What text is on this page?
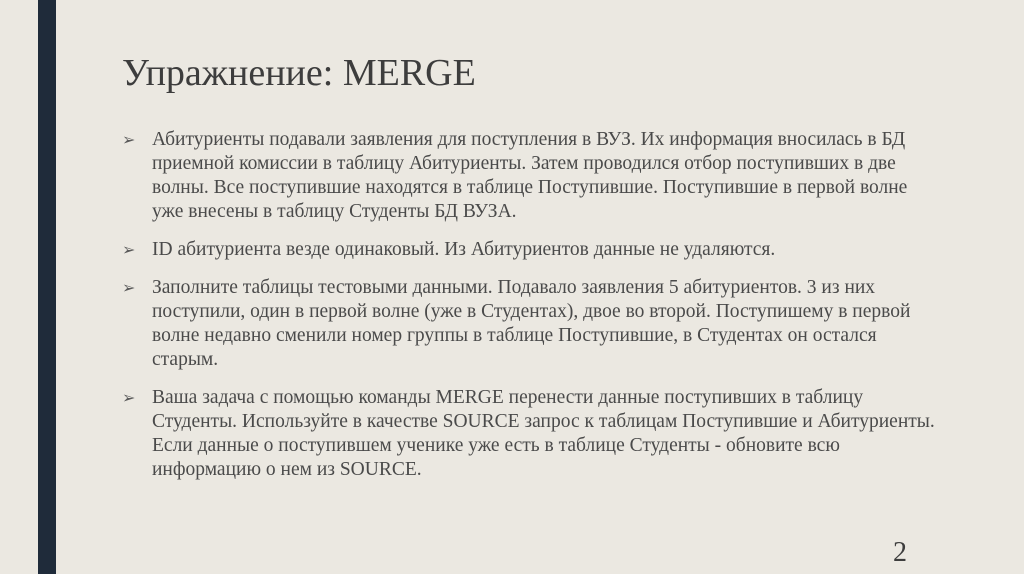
Упражнение: MERGE
➢ Абитуриенты подавали заявления для поступления в ВУЗ. Их информация вносилась в БД приемной комиссии в таблицу Абитуриенты. Затем проводился отбор поступивших в две волны. Все поступившие находятся в таблице Поступившие. Поступившие в первой волне уже внесены в таблицу Студенты БД ВУЗА.
➢ ID абитуриента везде одинаковый. Из Абитуриентов данные не удаляются.
➢ Заполните таблицы тестовыми данными. Подавало заявления 5 абитуриентов. 3 из них поступили, один в первой волне (уже в Студентах), двое во второй. Поступишему в первой волне недавно сменили номер группы в таблице Поступившие, в Студентах он остался старым.
➢ Ваша задача с помощью команды MERGE перенести данные поступивших в таблицу Студенты. Используйте в качестве SOURCE запрос к таблицам Поступившие и Абитуриенты. Если данные о поступившем ученике уже есть в таблице Студенты - обновите всю информацию о нем из SOURCE.
2
